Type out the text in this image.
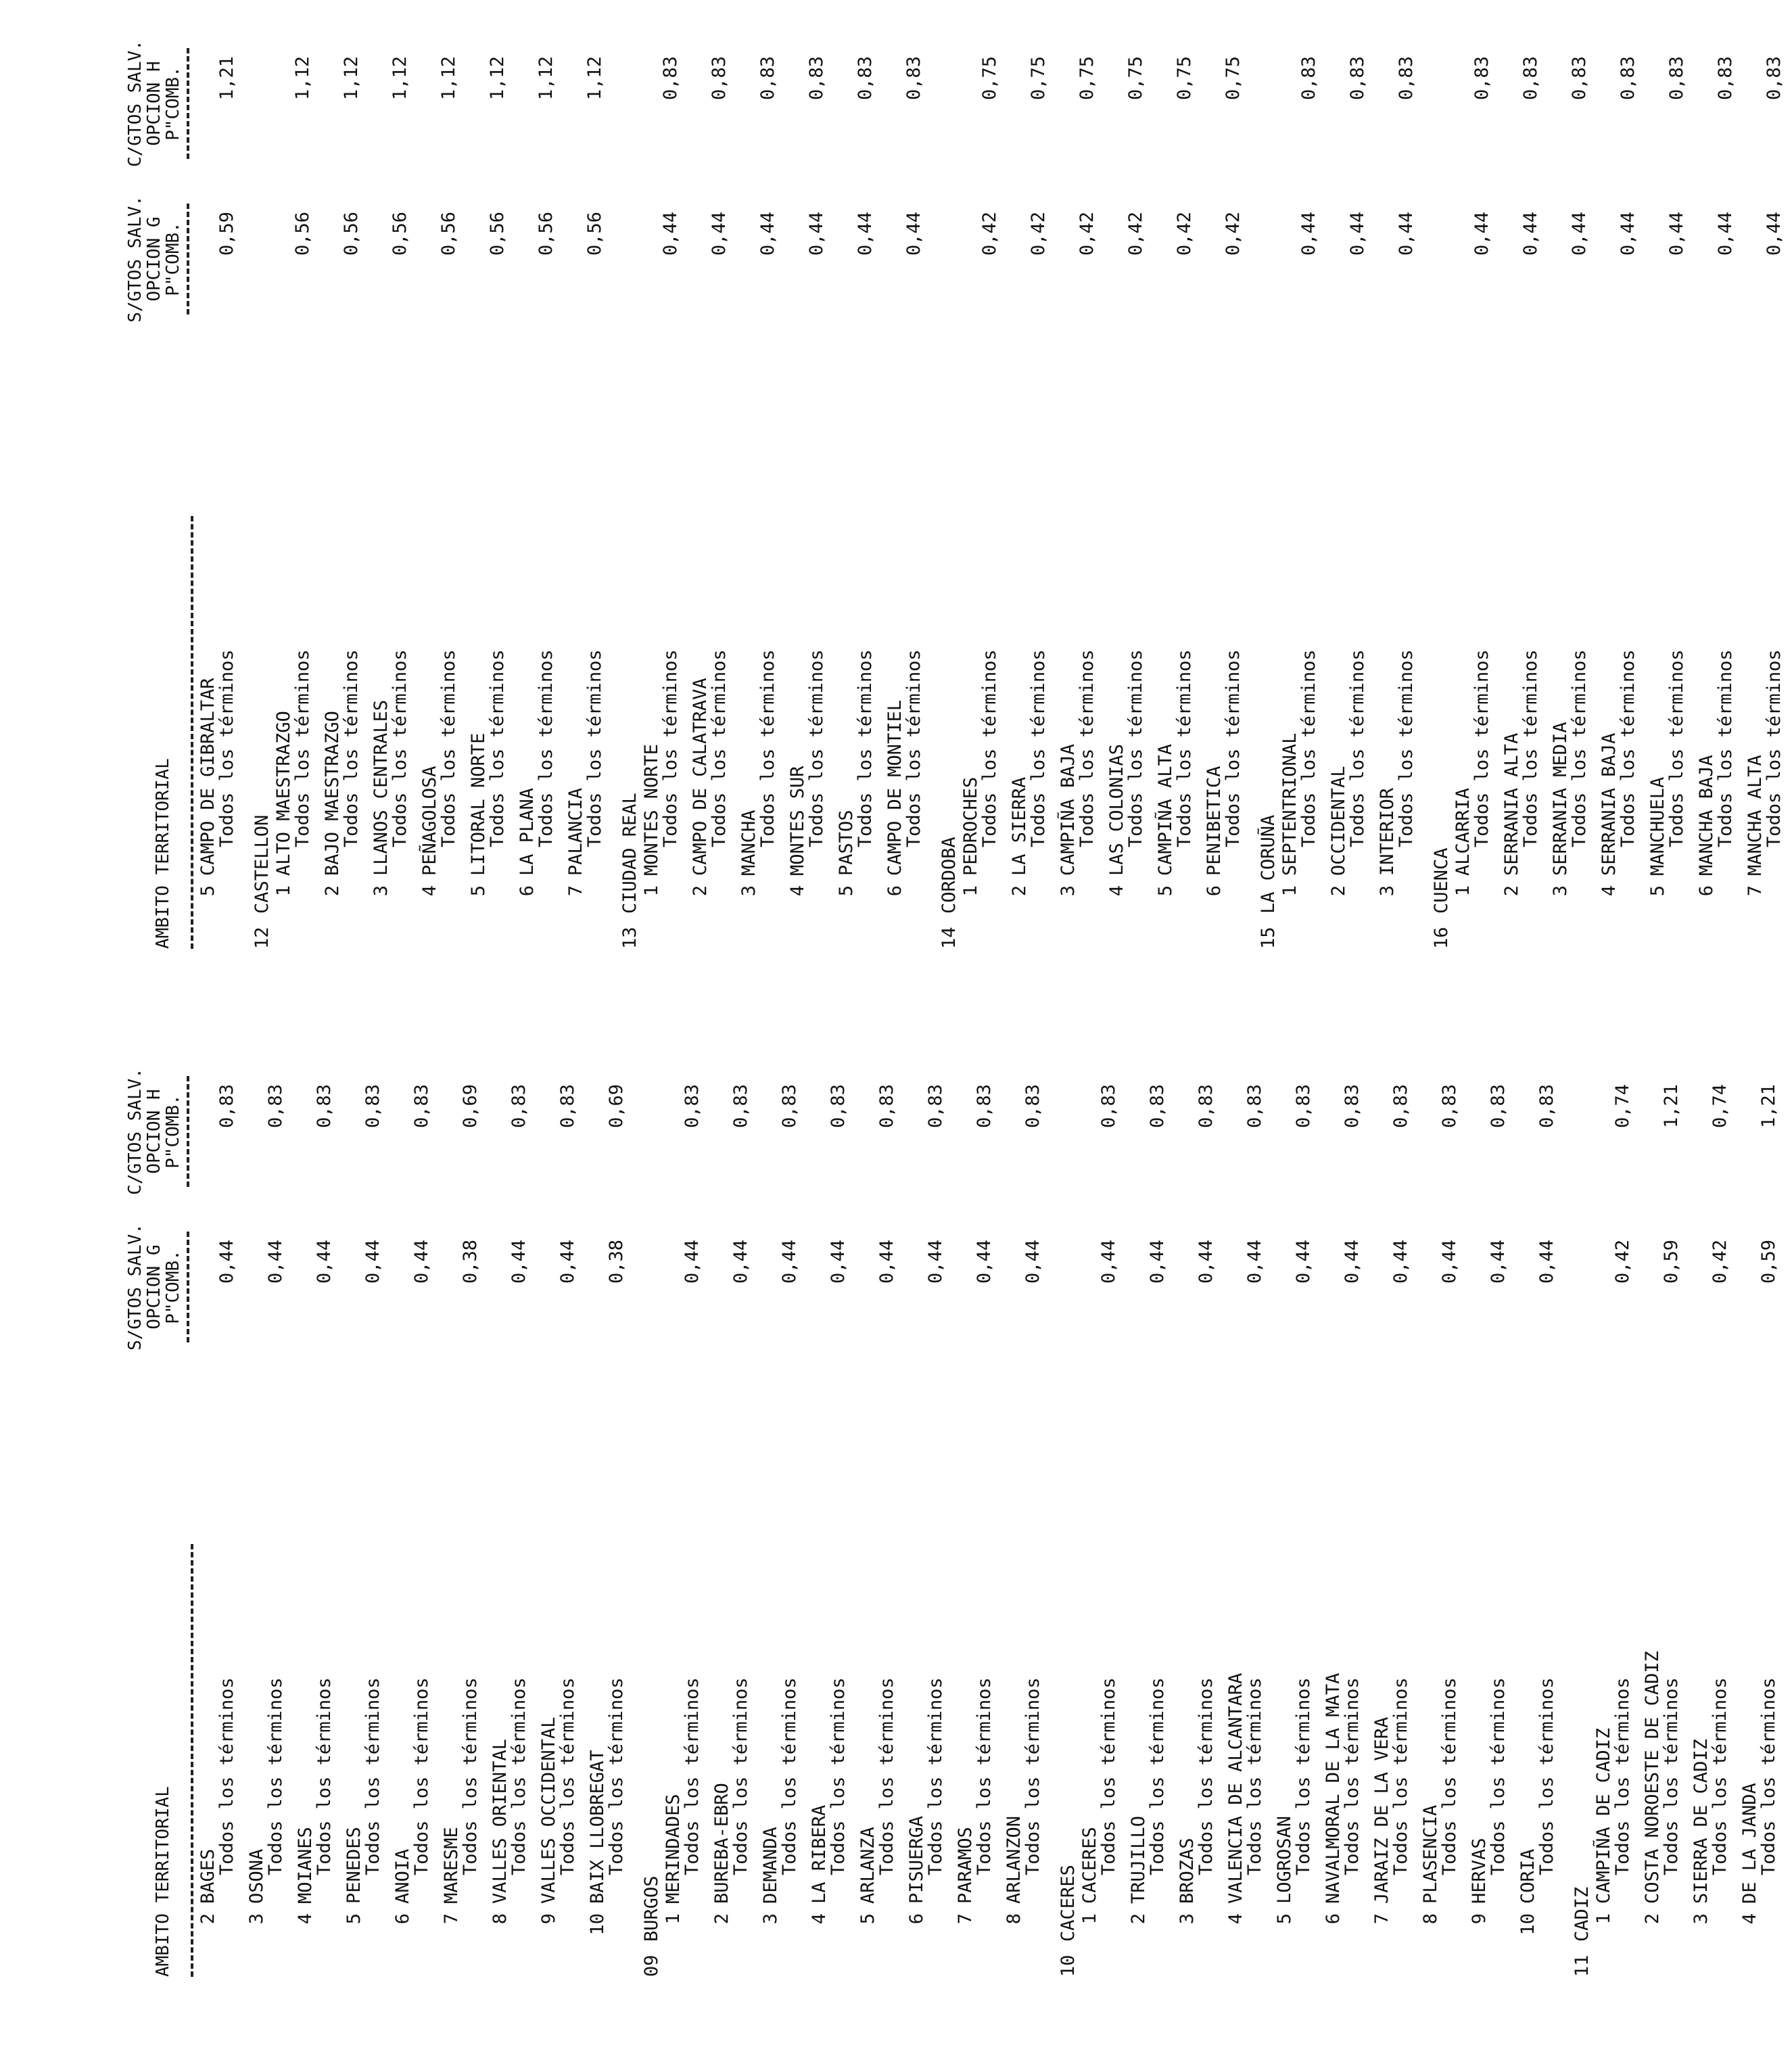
AMBITO TERRITORIAL
S/GTOS SALV.
OPCION G
P"COMB.
C/GTOS SALV.
OPCION H
P"COMB.
2BAGES
Todos los términos
0,44
0,83
3OSONA
Todos los términos
0,44
0,83
4MOIANES
Todos los términos
0,44
0,83
5PENEDES
Todos los términos
0,44
0,83
6ANOIA
Todos los términos
0,44
0,83
7MARESME
Todos los términos
0,38
0,69
8VALLES ORIENTAL
Todos los términos
0,44
0,83
9VALLES OCCIDENTAL
Todos los términos
0,44
0,83
10BAIX LLOBREGAT
Todos los términos
0,38
0,69
09BURGOS 1MERINDADES
Todos los términos
0,44
0,83
2BUREBA-EBRO
Todos los términos
0,44
0,83
3DEMANDA
Todos los términos
0,44
0,83
4LA RIBERA
Todos los términos
0,44
0,83
5ARLANZA
Todos los términos
0,44
0,83
6PISUERGA
Todos los términos
0,44
0,83
7PARAMOS
Todos los términos
0,44
0,83
8ARLANZON
Todos los términos
0,44
0,83
10CACERES 1CACERES
Todos los términos
0,44
0,83
2TRUJILLO
Todos los términos
0,44
0,83
3BROZAS
Todos los términos
0,44
0,83
4VALENCIA DE ALCANTARA
Todos los términos
0,44
0,83
5LOGROSAN
Todos los términos
0,44
0,83
6NAVALMORAL DE LA MATA
Todos los términos
0,44
0,83
7JARAIZ DE LA VERA
Todos los términos
0,44
0,83
8PLASENCIA
Todos los términos
0,44
0,83
9HERVAS
Todos los términos
0,44
0,83
10CORIA
Todos los términos
0,44
0,83
11CADIZ 1CAMPIÑA DE CADIZ
Todos los términos
0,42
0,74
2COSTA NOROESTE DE CADIZ
Todos los términos
0,59
1,21
3SIERRA DE CADIZ
Todos los términos
0,42
0,74
4DE LA JANDA
Todos los términos
0,59
1,21
AMBITO TERRITORIAL
S/GTOS SALV.
OPCION G
P"COMB.
C/GTOS SALV.
OPCION H
P"COMB.
5CAMPO DE GIBRALTAR
Todos los términos
0,59
1,21
12CASTELLON 1ALTO MAESTRAZGO
Todos los términos
0,56
1,12
2BAJO MAESTRAZGO
Todos los términos
0,56
1,12
3LLANOS CENTRALES
Todos los términos
0,56
1,12
4PEÑAGOLOSA
Todos los términos
0,56
1,12
5LITORAL NORTE
Todos los términos
0,56
1,12
6LA PLANA
Todos los términos
0,56
1,12
7PALANCIA
Todos los términos
0,56
1,12
13CIUDAD REAL 1MONTES NORTE
Todos los términos
0,44
0,83
2CAMPO DE CALATRAVA
Todos los términos
0,44
0,83
3MANCHA
Todos los términos
0,44
0,83
4MONTES SUR
Todos los términos
0,44
0,83
5PASTOS
Todos los términos
0,44
0,83
6CAMPO DE MONTIEL
Todos los términos
0,44
0,83
14CORDOBA 1PEDROCHES
Todos los términos
0,42
0,75
2LA SIERRA
Todos los términos
0,42
0,75
3CAMPIÑA BAJA
Todos los términos
0,42
0,75
4LAS COLONIAS
Todos los términos
0,42
0,75
5CAMPIÑA ALTA
Todos los términos
0,42
0,75
6PENIBETICA
Todos los términos
0,42
0,75
15LA CORUÑA 1SEPTENTRIONAL
Todos los términos
0,44
0,83
2OCCIDENTAL
Todos los términos
0,44
0,83
3INTERIOR
Todos los términos
0,44
0,83
16CUENCA 1ALCARRIA
Todos los términos
0,44
0,83
2SERRANIA ALTA
Todos los términos
0,44
0,83
3SERRANIA MEDIA
Todos los términos
0,44
0,83
4SERRANIA BAJA
Todos los términos
0,44
0,83
5MANCHUELA
Todos los términos
0,44
0,83
6MANCHA BAJA
Todos los términos
0,44
0,83
7MANCHA ALTA
Todos los términos
0,44
0,83
